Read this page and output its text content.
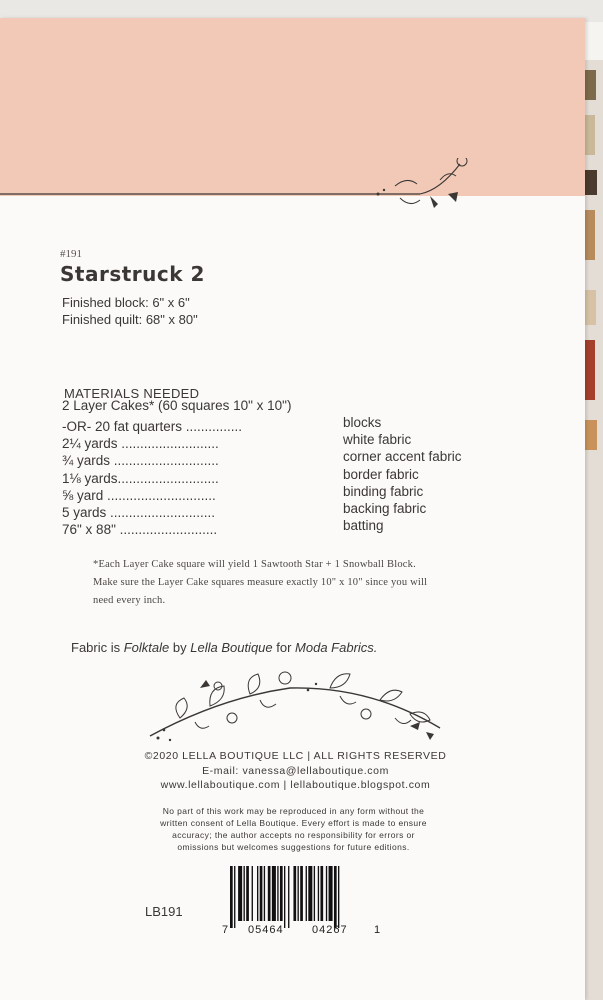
#191
Starstruck 2
Finished block: 6" x 6"
Finished quilt: 68" x 80"
MATERIALS NEEDED
2 Layer Cakes* (60 squares 10" x 10")
-OR- 20 fat quarters ...............	blocks
2¼ yards ..........................	white fabric
¾ yards ............................	corner accent fabric
1⅛ yards...........................	border fabric
⅝ yard .............................	binding fabric
5 yards ............................	backing fabric
76" x 88" ..........................	batting
*Each Layer Cake square will yield 1 Sawtooth Star + 1 Snowball Block.
Make sure the Layer Cake squares measure exactly 10" x 10" since you will
need every inch.
Fabric is Folktale by Lella Boutique for Moda Fabrics.
©2020 LELLA BOUTIQUE LLC | ALL RIGHTS RESERVED
E-mail: vanessa@lellaboutique.com
www.lellaboutique.com | lellaboutique.blogspot.com
No part of this work may be reproduced in any form without the
written consent of Lella Boutique. Every effort is made to ensure
accuracy; the author accepts no responsibility for errors or
omissions but welcomes suggestions for future editions.
LB191
7 05464	04267 1
